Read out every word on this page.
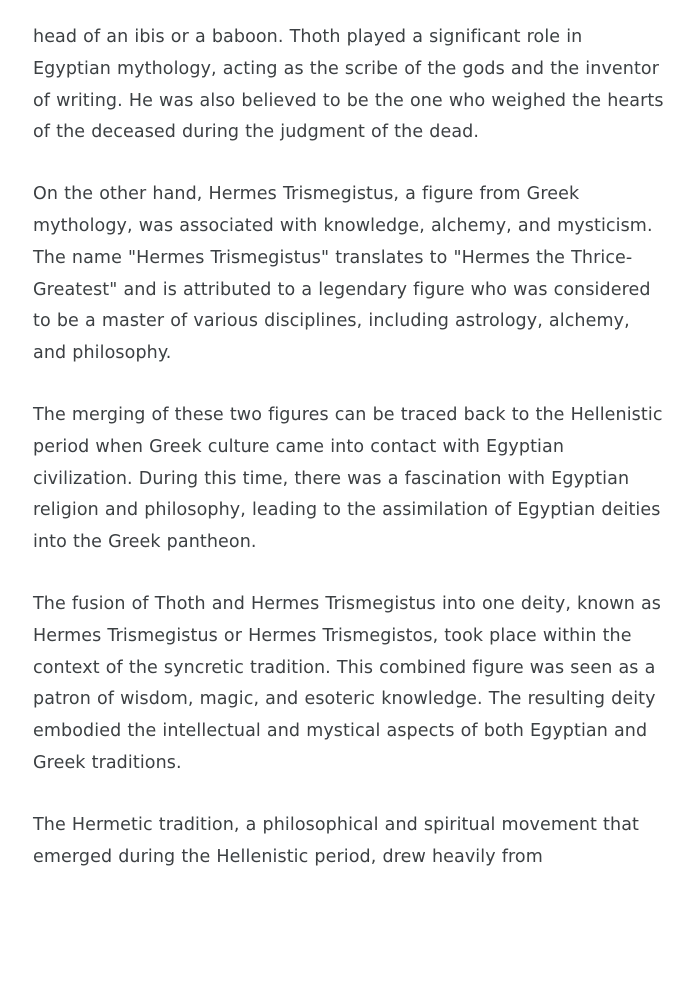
head of an ibis or a baboon. Thoth played a significant role in Egyptian mythology, acting as the scribe of the gods and the inventor of writing. He was also believed to be the one who weighed the hearts of the deceased during the judgment of the dead.

On the other hand, Hermes Trismegistus, a figure from Greek mythology, was associated with knowledge, alchemy, and mysticism. The name "Hermes Trismegistus" translates to "Hermes the Thrice-Greatest" and is attributed to a legendary figure who was considered to be a master of various disciplines, including astrology, alchemy, and philosophy.

The merging of these two figures can be traced back to the Hellenistic period when Greek culture came into contact with Egyptian civilization. During this time, there was a fascination with Egyptian religion and philosophy, leading to the assimilation of Egyptian deities into the Greek pantheon.

The fusion of Thoth and Hermes Trismegistus into one deity, known as Hermes Trismegistus or Hermes Trismegistos, took place within the context of the syncretic tradition. This combined figure was seen as a patron of wisdom, magic, and esoteric knowledge. The resulting deity embodied the intellectual and mystical aspects of both Egyptian and Greek traditions.

The Hermetic tradition, a philosophical and spiritual movement that emerged during the Hellenistic period, drew heavily from
